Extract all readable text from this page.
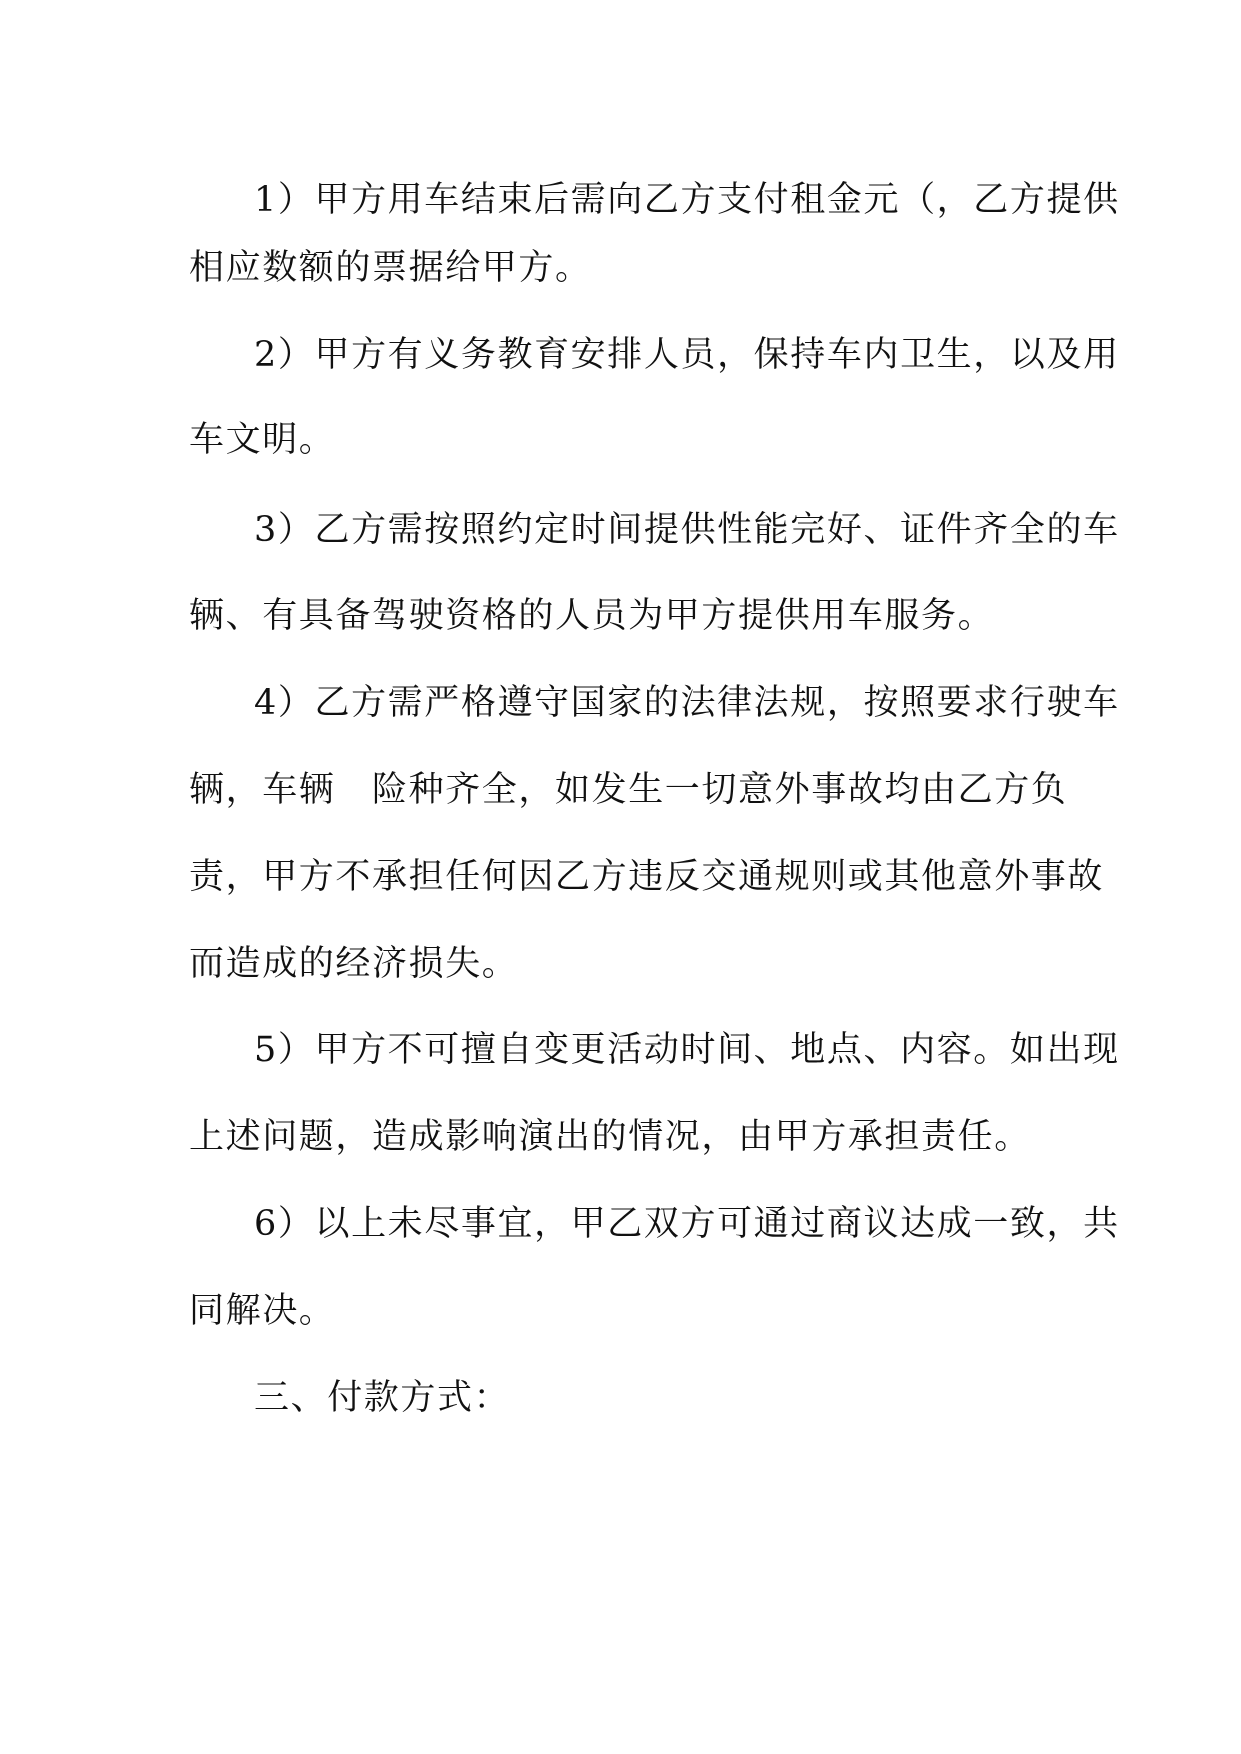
1）甲方用车结束后需向乙方支付租金元（，乙方提供
相应数额的票据给甲方。
2）甲方有义务教育安排人员，保持车内卫生，以及用
车文明。
3）乙方需按照约定时间提供性能完好、证件齐全的车
辆、有具备驾驶资格的人员为甲方提供用车服务。
4）乙方需严格遵守国家的法律法规，按照要求行驶车
辆，车辆　险种齐全，如发生一切意外事故均由乙方负
责，甲方不承担任何因乙方违反交通规则或其他意外事故
而造成的经济损失。
5）甲方不可擅自变更活动时间、地点、内容。如出现
上述问题，造成影响演出的情况，由甲方承担责任。
6）以上未尽事宜，甲乙双方可通过商议达成一致，共
同解决。
三、付款方式：
